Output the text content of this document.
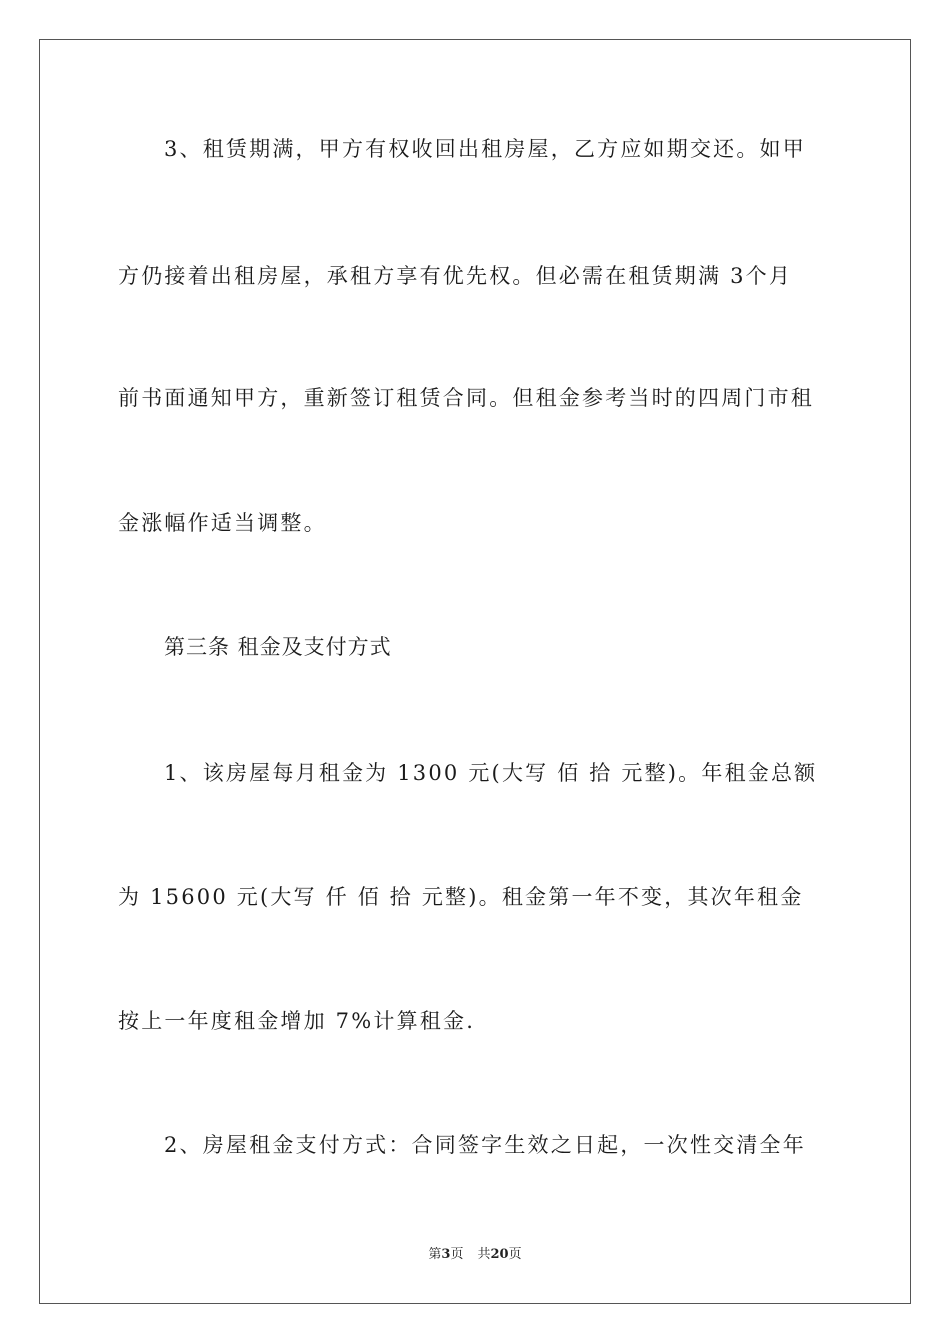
3、租赁期满，甲方有权收回出租房屋，乙方应如期交还。如甲
方仍接着出租房屋，承租方享有优先权。但必需在租赁期满 3个月
前书面通知甲方，重新签订租赁合同。但租金参考当时的四周门市租
金涨幅作适当调整。
第三条 租金及支付方式
1、该房屋每月租金为 1300 元(大写 佰 拾 元整)。年租金总额
为 15600 元(大写 仟 佰 拾 元整)。租金第一年不变，其次年租金
按上一年度租金增加 7%计算租金.
2、房屋租金支付方式：合同签字生效之日起，一次性交清全年
第3页 共20页
